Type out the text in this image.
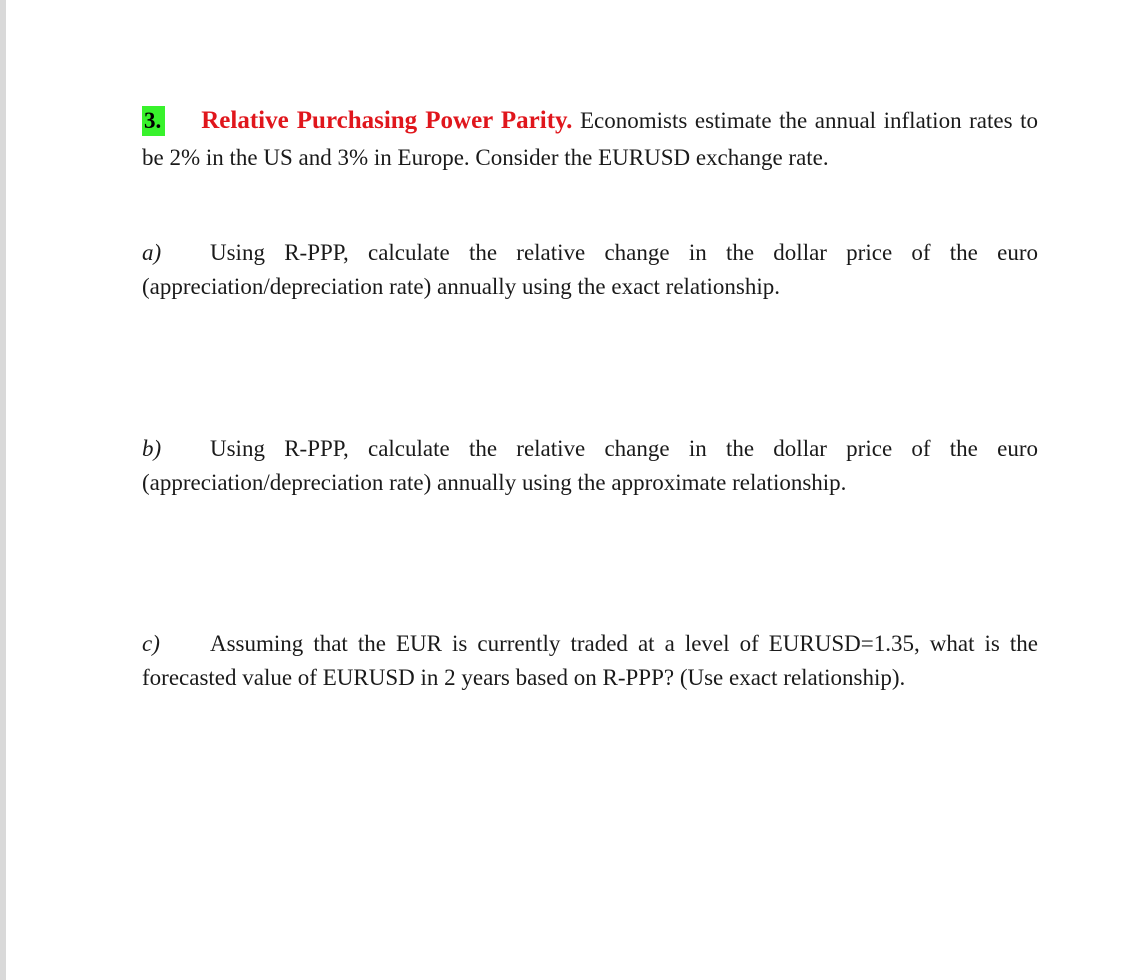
3. Relative Purchasing Power Parity. Economists estimate the annual inflation rates to be 2% in the US and 3% in Europe. Consider the EURUSD exchange rate.
a) Using R-PPP, calculate the relative change in the dollar price of the euro (appreciation/depreciation rate) annually using the exact relationship.
b) Using R-PPP, calculate the relative change in the dollar price of the euro (appreciation/depreciation rate) annually using the approximate relationship.
c) Assuming that the EUR is currently traded at a level of EURUSD=1.35, what is the forecasted value of EURUSD in 2 years based on R-PPP? (Use exact relationship).
